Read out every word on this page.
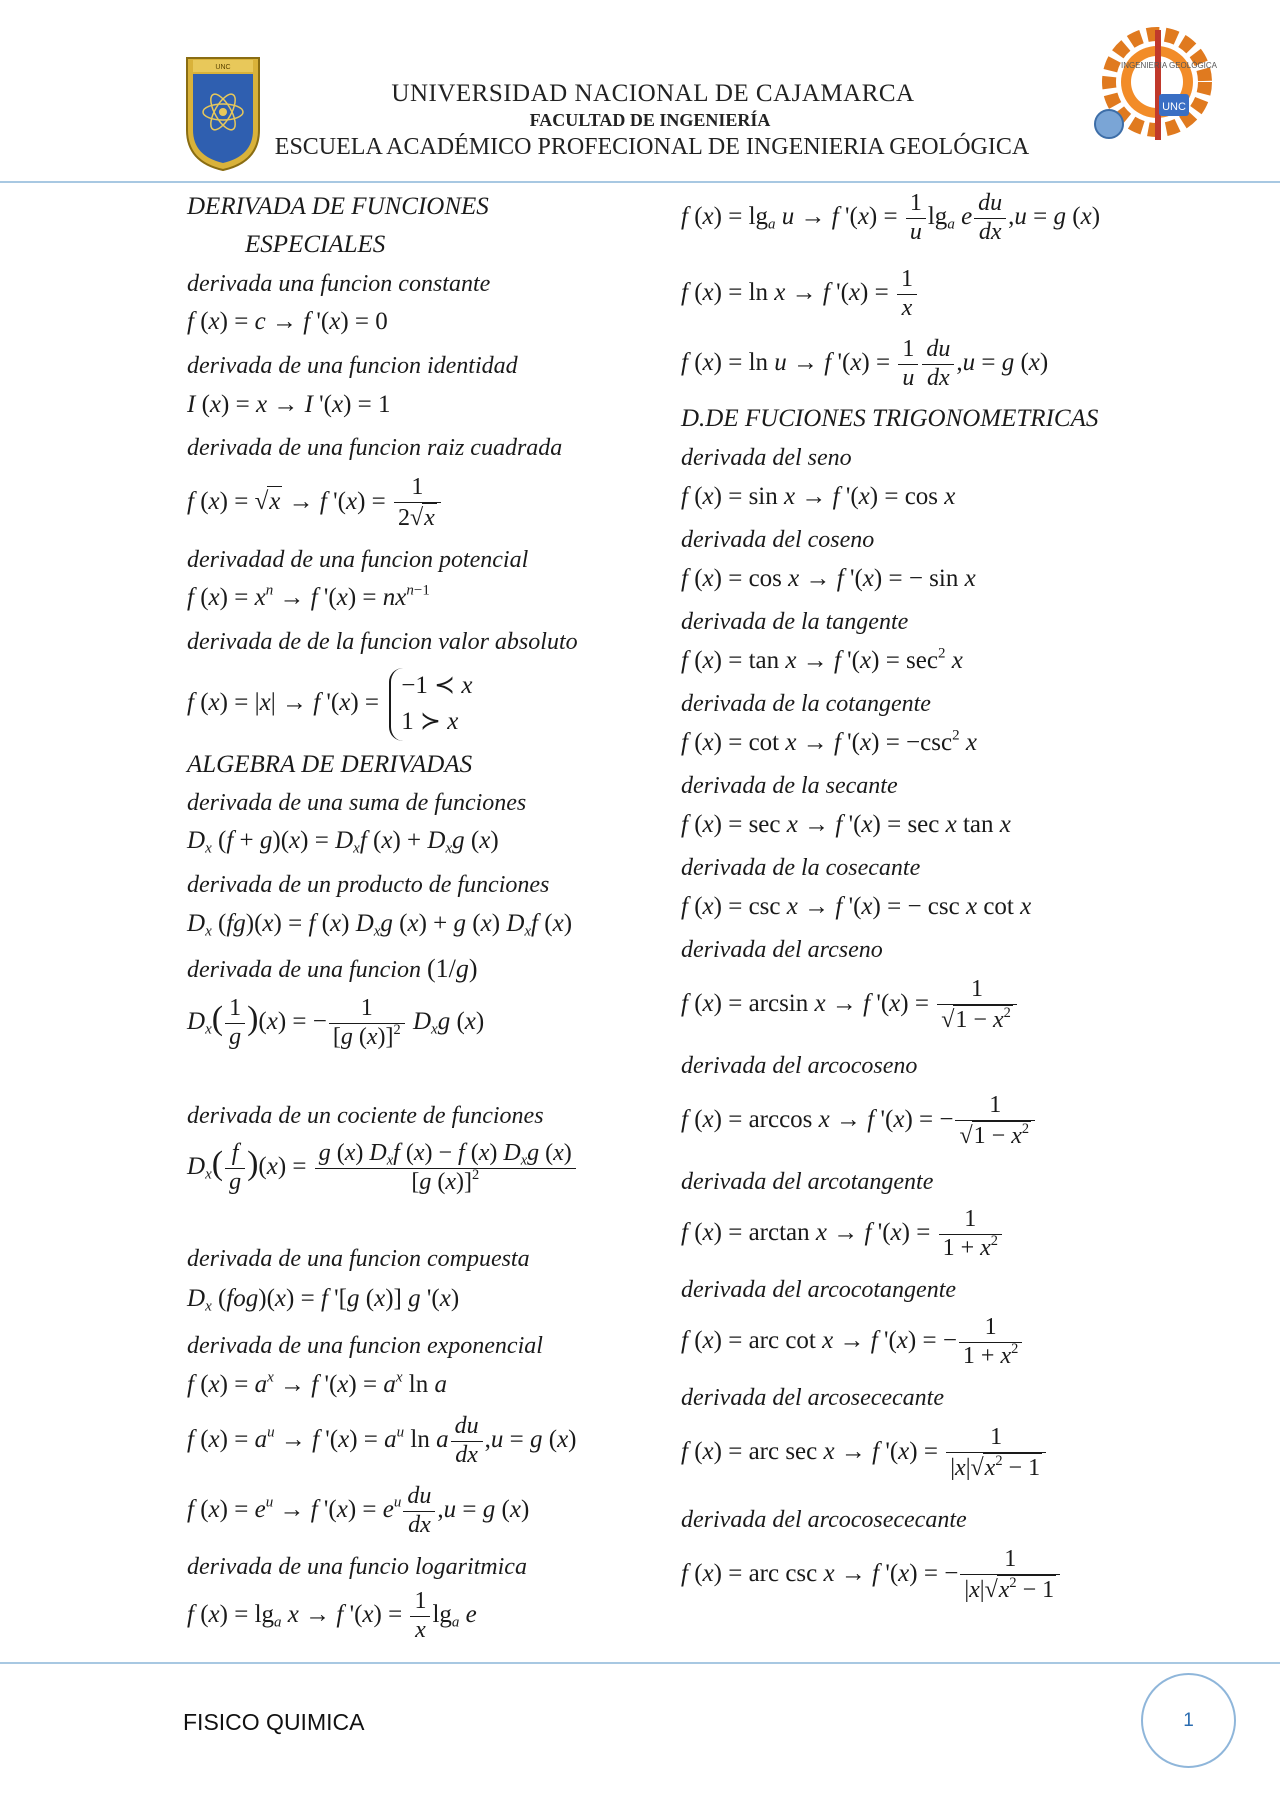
UNC
UNC
INGENIERIA GEOLÓGICA
UNIVERSIDAD NACIONAL DE CAJAMARCA
FACULTAD DE INGENIERÍA
ESCUELA ACADÉMICO PROFECIONAL DE INGENIERIA GEOLÓGICA
DERIVADA DE FUNCIONES
ESPECIALES
derivada una funcion constante
f (x) = c → f '(x) = 0
derivada de una funcion identidad
I (x) = x → I '(x) = 1
derivada de una funcion raiz cuadrada
f (x) = √x → f '$(x) = \frac{1}{2√x}$
derivadad de una funcion potencial
f $(x) = x^n \to f$ '$(x) = nx^{n-1}$
derivada de de la funcion valor absoluto
f (x) = |x| → f '(x) =
−1 ≺ x
1 ≻ x
ALGEBRA DE DERIVADAS
derivada de una suma de funciones
$D_x$ $(f + g)(x) = D_xf$ $(x) + D_xg$ (x)
derivada de un producto de funciones
$D_x$ (fg)(x) = f (x) $D_xg$ (x) + g (x) $D_xf$ (x)
derivada de una funcion (1/g)
$D_x( \frac{1}{g} )(x)$ = − $\frac{1}{[g (x)]^2} D_xg$ (x)
derivada de un cociente de funciones
$D_x( \frac{f}{g} )(x) = \frac{g (x) D_xf (x) - f (x) D_xg (x)}{[g (x)]^2}$
derivada de una funcion compuesta
$D_x$ (fog)(x) = f '[g (x)] g '(x)
derivada de una funcion exponencial
f $(x) = a^x \to f$ '$(x) = a^x$ ln a
f $(x) = a^u \to f$ '$(x) = a^u$ ln a $\frac{du}{dx} ,u = g$ (x)
f $(x) = e^u \to f$ '$(x) = e^u \frac{du}{dx} ,u = g$ (x)
derivada de una funcio logaritmica
f $(x) = \lg_a x \to f$ '$(x) = \frac{1}{x} \lg_a e$
f $(x) = \lg_a u \to f$ '$(x) = \frac{1}{u} \lg_a e \frac{du}{dx} ,u = g$ (x)
f (x) = ln x → f '$(x) = \frac{1}{x}$
f (x) = ln u → f '$(x) = \frac{1}{u} \frac{du}{dx} ,u = g$ (x)
D.DE FUCIONES TRIGONOMETRICAS
derivada del seno
f (x) = sin x → f '(x) = cos x
derivada del coseno
f (x) = cos x → f '(x) = − sin x
derivada de la tangente
f (x) = tan x → f '$(x) = \sec^2 x$
derivada de la cotangente
f (x) = cot x → f '$(x) = -\csc^2$ x
derivada de la secante
f (x) = sec x → f '(x) = sec x tan x
derivada de la cosecante
f (x) = csc x → f '(x) = − csc x cot x
derivada del arcseno
f (x) = arcsin x → f '$(x) = \frac{1}{√1 - x^2}$
derivada del arcocoseno
f (x) = arccos x → f '(x) = − $\frac{1}{√1 - x^2}$
derivada del arcotangente
f (x) = arctan x → f '$(x) = \frac{1}{1 + x^2}$
derivada del arcocotangente
f (x) = arc cot x → f '(x) = − $\frac{1}{1 + x^2}$
derivada del arcosececante
f (x) = arc sec x → f '$(x) = \frac{1}{|x|√x^2 - 1}$
derivada del arcocosececante
f (x) = arc csc x → f '(x) = − $\frac{1}{|x|√x^2 - 1}$
FISICO QUIMICA	1
